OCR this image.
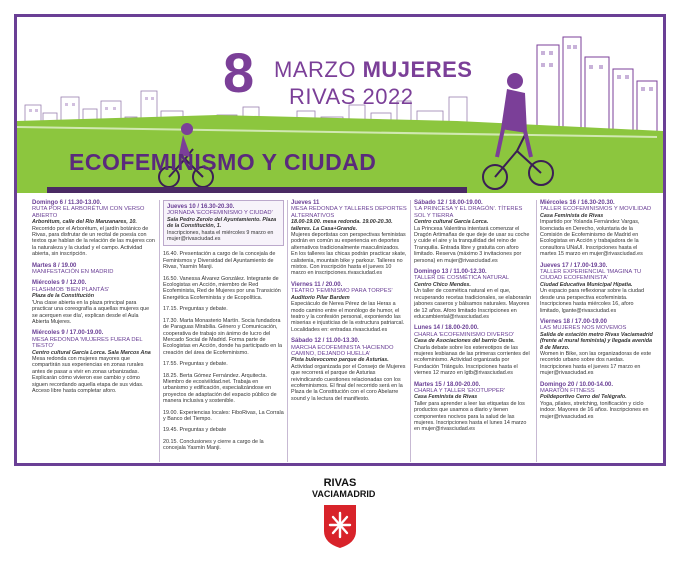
8 MARZO MUJERES
RIVAS 2022
ECOFEMINISMO Y CIUDAD
Domingo 6 / 11.30-13.00.
RUTA POR EL ARBORÉTUM CON VERSO ABIERTO
Arborétum, calle del Río Manzanares, 10.
Recorrido por el Arborétum, el jardín botánico de Rivas, para disfrutar de un recital de poesía con textos que hablan de la relación de las mujeres con la naturaleza y la ciudad y el campo. Actividad abierta, sin inscripción.
Martes 8 / 19.00
MANIFESTACIÓN EN MADRID
Miércoles 9 / 12.00.
FLASHMOB 'BIEN PLANTÁS'
Plaza de la Constitución
'Una clase abierta en la plaza principal para practicar una coreografía a aquellas mujeres que se acerquen ese día', explican desde el Aula Abierta Mujeres.
Miércoles 9 / 17.00-19.00.
MESA REDONDA 'MUJERES FUERA DEL TIESTO'
Centro cultural García Lorca. Sala Marcos Ana
Mesa redonda con mujeres mayores que compartirán sus experiencias en zonas rurales antes de pasar a vivir en zonas urbanizadas. Explicarán cómo vivieron ese cambio y cómo siguen recordando aquella etapa de sus vidas. Acceso libre hasta completar aforo.
Jueves 10 / 16.30-20.30.
JORNADA 'ECOFEMINISMO Y CIUDAD'
Sala Pedro Zerolo del Ayuntamiento. Plaza de la Constitución, 1.
Inscripciones, hasta el miércoles 9 marzo en mujer@rivasciudad.es
16.40. Presentación a cargo de la concejala de Feminismos y Diversidad del Ayuntamiento de Rivas, Yasmín Manji.
16.50. Vanessa Álvarez González. Integrante de Ecologistas en Acción, miembro de Red Ecofeminista, Red de Mujeres por una Transición Energética Ecofeminista y de Ecopolítica.
17.15. Preguntas y debate.
17.30. Marta Monasterio Martín. Socia fundadora de Paraguas Mirabilia. Género y Comunicación, cooperativa de trabajo sin ánimo de lucro del Mercado Social de Madrid. Forma parte de Ecologistas en Acción, donde ha participado en la creación del área de Ecofeminismo.
17.55. Preguntas y debate.
18.25. Berta Gómez Fernández. Arquitecta. Miembro de ecosiviildad.net. Trabaja en urbanismo y edificación, especializándose en proyectos de adaptación del espacio público de manera inclusiva y sostenible.
19.00. Experiencias locales: FiboRivas, La Corrala y Banco del Tiempo.
19.45. Preguntas y debate
20.15. Conclusiones y cierre a cargo de la concejala Yasmín Manji.
Jueves 11
MESA REDONDA Y TALLERES DEPORTES ALTERNATIVOS
18.00-19.00. mesa redonda. 19.00-20.30. talleres. La Casa+Grande.
Mujeres deportistas con perspectivas feministas podrán en común su experiencia en deportes alternativos tradicionalmente masculinizados. En los talleres las chicas podrán practicar skate, calistenia, mountain bike y parkour. Talleres no mixtos. Con inscripción hasta el jueves 10 marzo en inscripciones.rivasciudad.es
Viernes 11 / 20.00.
TEATRO 'FEMINISMO PARA TORPES'
Auditorio Pilar Bardem
Especiáculo de Nerea Pérez de las Heras a modo camino entre el monólogo de humor, el teatro y la confesión personal, exponiendo las miserias e injusticias de la estructura patriarcal. Localidades en: entradas.rivasciudad.es
Sábado 12 / 11.00-13.30.
MARCHA ECOFEMINISTA 'HACIENDO CAMINO, DEJANDO HUELLA'
Pista bulevocomo parque de Asturias.
Actividad organizada por el Consejo de Mujeres que recorrerá el parque de Asturias reivindicando cuestiones relacionadas con los ecofeminismos. El final del recorrido será en la Plaza de la Constitución con el coro Abelarre sound y la lectura del manifiesto.
Sábado 12 / 18.00-19.00.
'LA PRINCESA Y EL DRAGÓN'. TÍTERES SOL Y TIERRA
Centro cultural García Lorca.
La Princesa Valentina intentará comenzar el Dragón Artimañas de que deje de usar su coche y cuide el aire y la tranquilidad del reino de Tranquilia. Entrada libre y gratuita con aforo limitado. Reserva (máximo 3 invitaciones por persona) en mujer@rivasciudad.es
Domingo 13 / 11.00-12.30.
TALLER DE COSMÉTICA NATURAL
Centro Chico Mendes.
Un taller de cosmética natural en el que, recuperando recetas tradicionales, se elaborarán jabones caseros y bálsamos naturales. Mayores de 12 años. Aforo limitado Inscripciones en educambiental@rivasciudad.es
Lunes 14 / 18.00-20.00.
CHARLA 'ECOFEMINISMO DIVERSO'
Casa de Asociaciones del barrio Oeste.
Charla debate sobre los estereotipos de las mujeres lesbianas de las primeras corrientes del ecofeminismo. Actividad organizada por Fundación Triángulo. Inscripciones hasta el viernes 12 marzo en lgtb@rivasciudad.es
Martes 15 / 18.00-20.00.
CHARLA Y TALLER 'EKOTUPPER'
Casa Feminista de Rivas
Taller para aprender a leer las etiquetas de los productos que usamos a diario y tienen componentes nocivos para la salud de las mujeres. Inscripciones hasta el lunes 14 marzo en mujer@rivasciudad.es
Miércoles 16 / 16.30-20.30.
TALLER ECOFEMINISMOS Y MOVILIDAD
Casa Feminista de Rivas
Impartido por Yolanda Fernández Vargas, licenciada en Derecho, voluntaria de la Comisión de Ecofeminismo de Madrid en Ecologistas en Acción y trabajadora de la consultora UNaUI. Inscripciones hasta el martes 15 marzo en mujer@rivasciudad.es
Jueves 17 / 17.00-19.30.
TALLER EXPERIENCIAL 'IMAGINA TU CIUDAD ECOFEMINISTA'
Ciudad Educativa Municipal Hipatia.
Un espacio para reflexionar sobre la ciudad desde una perspectiva ecofeminista. Inscripciones hasta miércoles 16, aforo limitado, lgante@rivasciudad.es
Viernes 18 / 17.00-19.00
LAS MUJERES NOS MOVEMOS
Salida de estación metro Rivas Vaciamadrid (frente al mural feminista) y llegada avenida 8 de Marzo.
Women in Bike, son las organizadoras de este recorrido urbano sobre dos ruedas. Inscripciones hasta el jueves 17 marzo en mujer@rivasciudad.es
Domingo 20 / 10.00-14.00.
MARATÓN FITNESS
Polideportivo Cerro del Telégrafo.
Yoga, pilates, stretching, tonificación y ciclo indoor. Mayores de 16 años. Inscripciones en mujer@rivasciudad.es
RIVAS
VACIAMADRID
